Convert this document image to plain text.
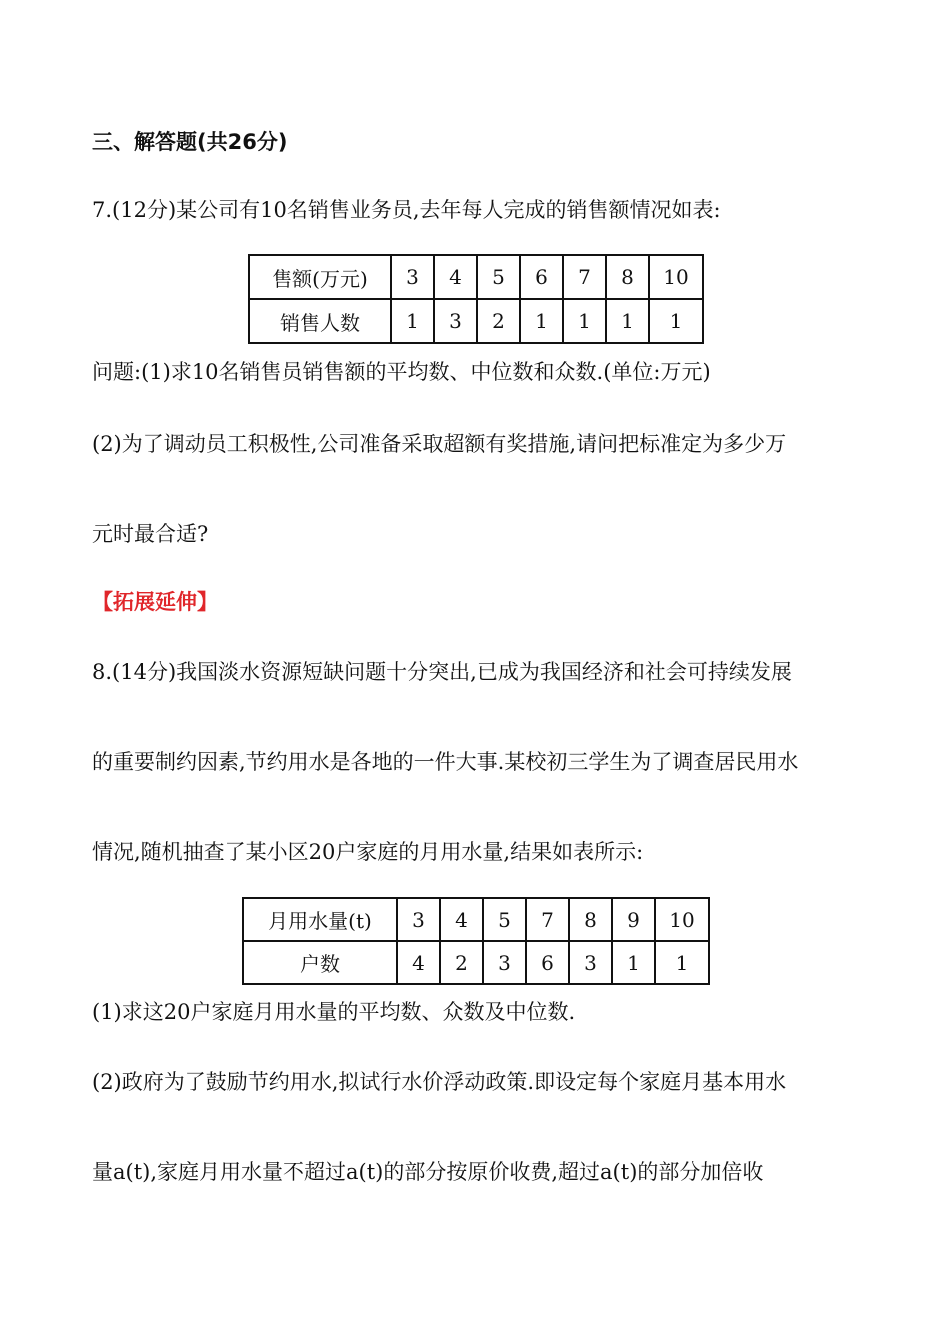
三、解答题(共26分)
7.(12分)某公司有10名销售业务员,去年每人完成的销售额情况如表:
售额(万元)	3	4	5	6	7	8	10
销售人数	1	3	2	1	1	1	1
问题:(1)求10名销售员销售额的平均数、中位数和众数.(单位:万元)
(2)为了调动员工积极性,公司准备采取超额有奖措施,请问把标准定为多少万
元时最合适?
【拓展延伸】
8.(14分)我国淡水资源短缺问题十分突出,已成为我国经济和社会可持续发展
的重要制约因素,节约用水是各地的一件大事.某校初三学生为了调查居民用水
情况,随机抽查了某小区20户家庭的月用水量,结果如表所示:
月用水量(t)	3	4	5	7	8	9	10
户数	4	2	3	6	3	1	1
(1)求这20户家庭月用水量的平均数、众数及中位数.
(2)政府为了鼓励节约用水,拟试行水价浮动政策.即设定每个家庭月基本用水
量a(t),家庭月用水量不超过a(t)的部分按原价收费,超过a(t)的部分加倍收
